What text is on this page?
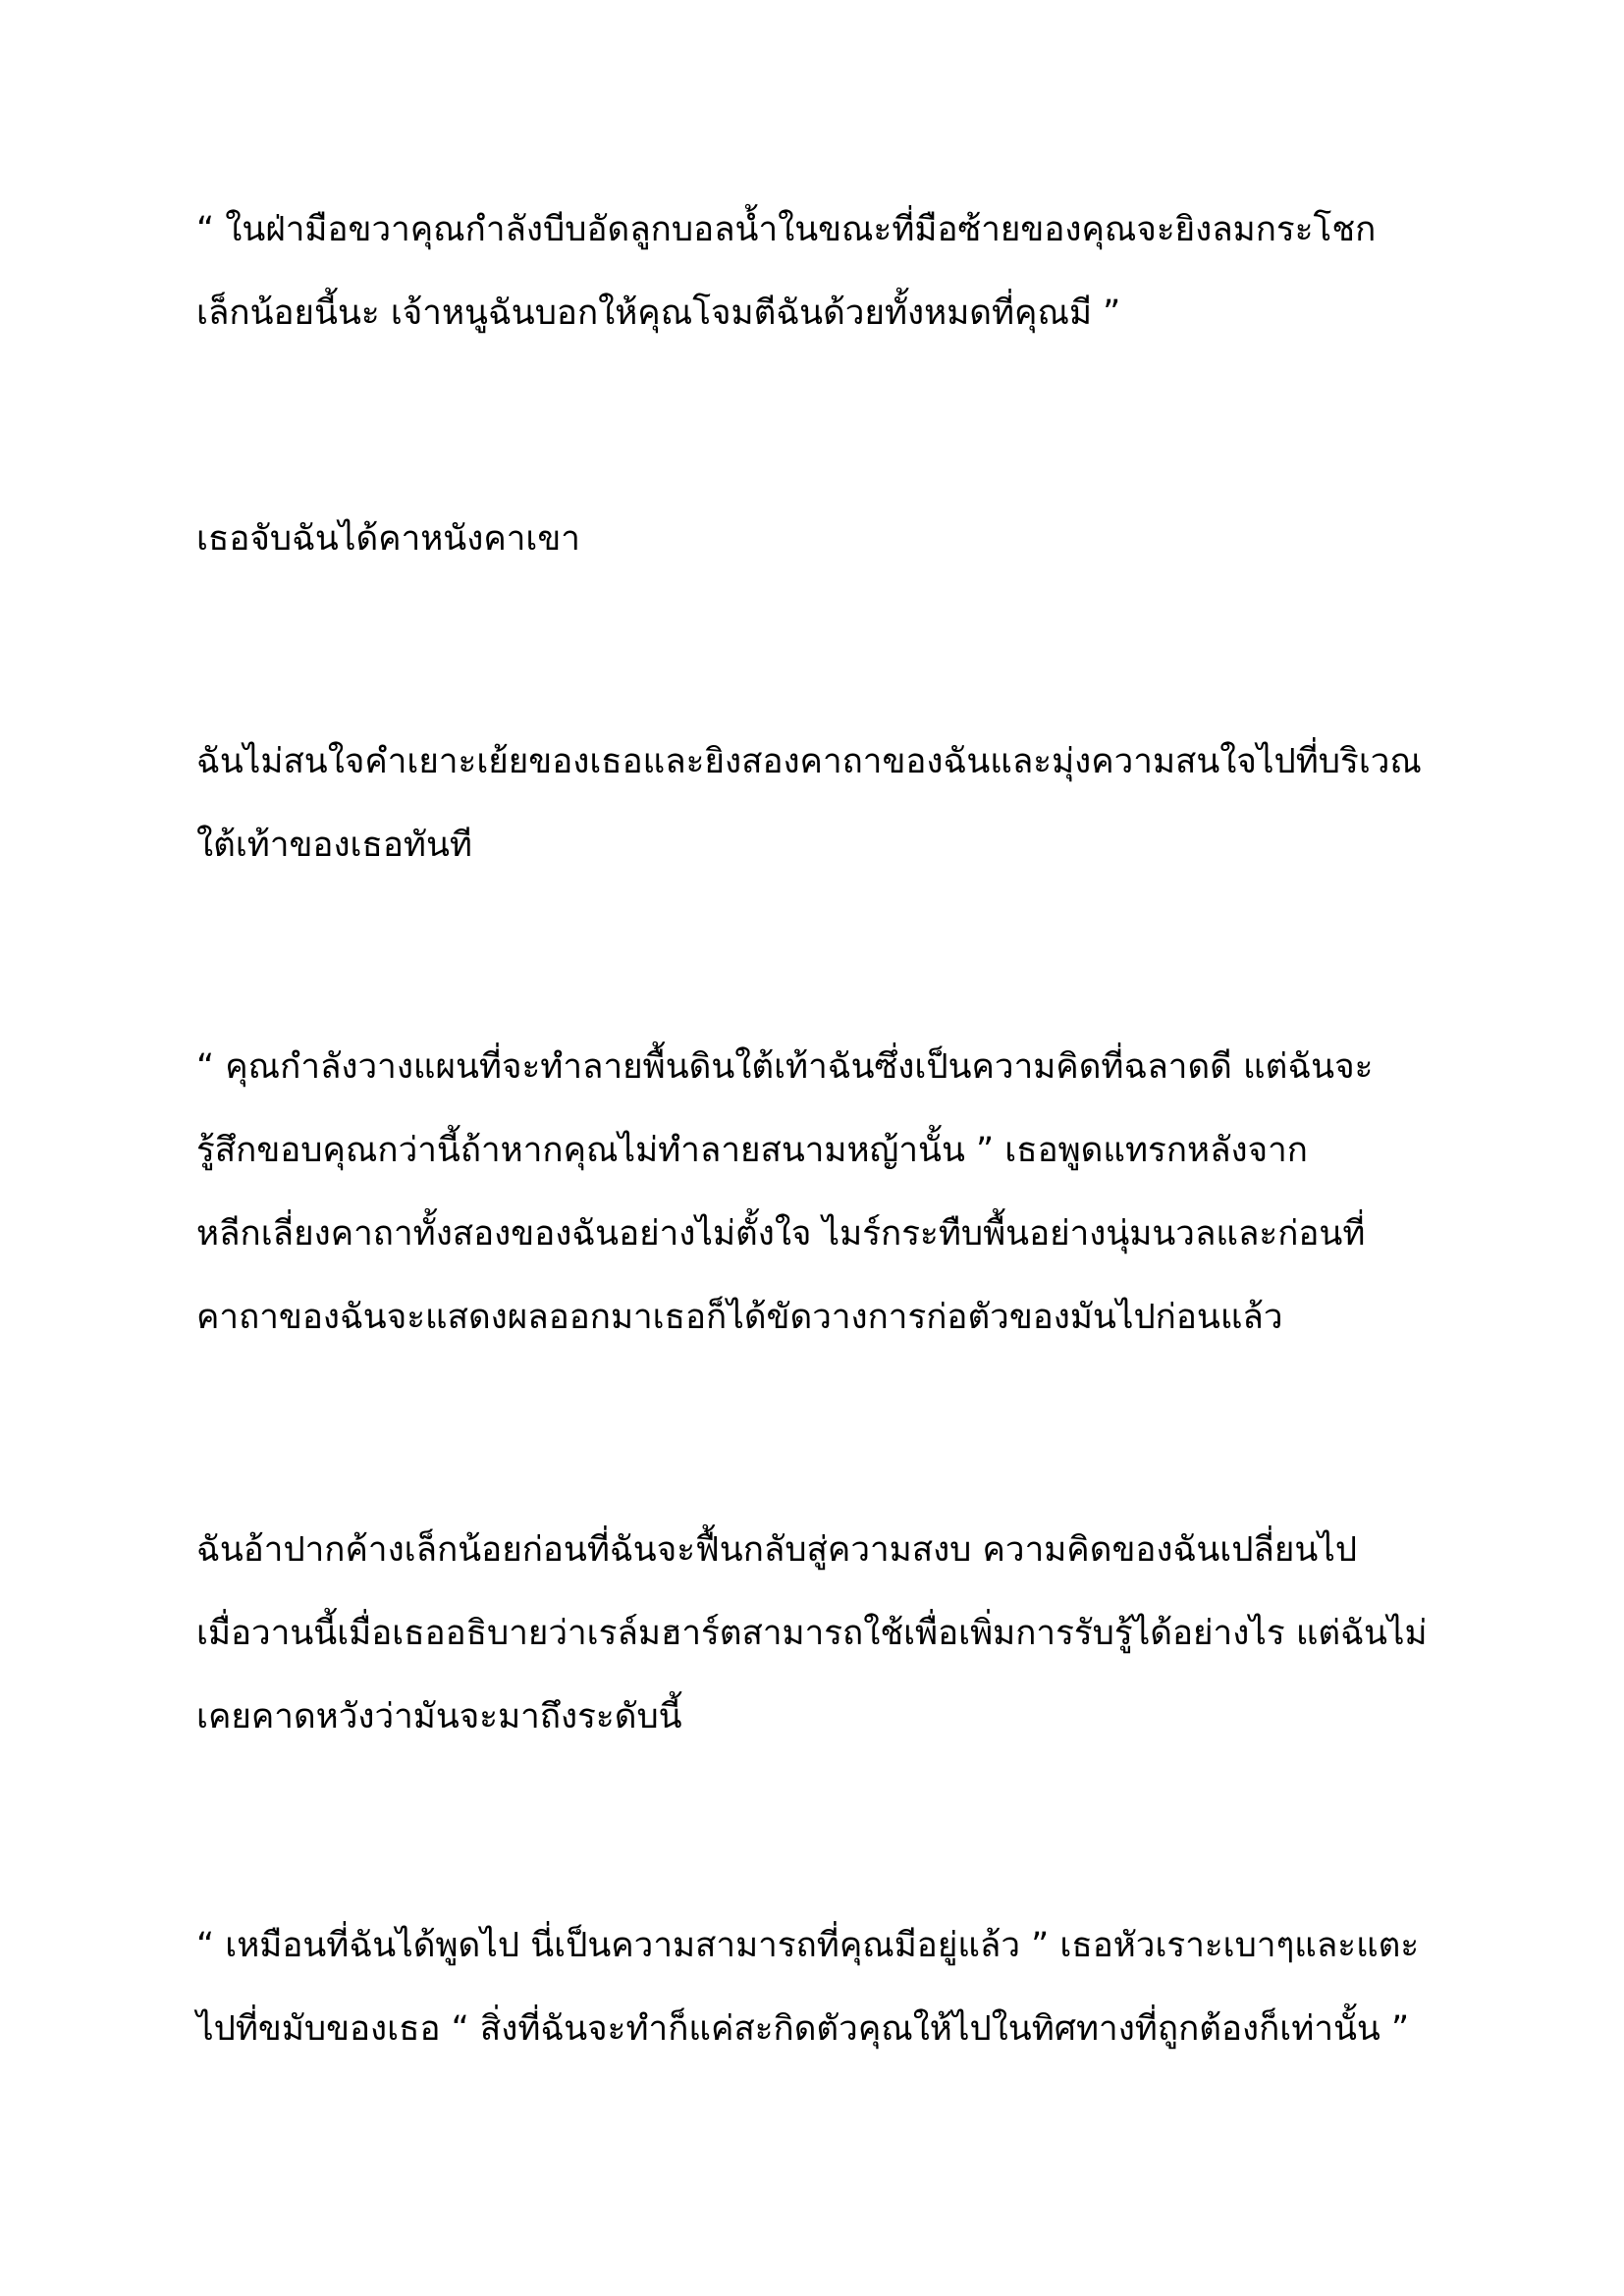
“ ในฝ่ามือขวาคุณกำลังบีบอัดลูกบอลน้ำในขณะที่มือซ้ายของคุณจะยิงลมกระโชก
เล็กน้อยนี้นะ เจ้าหนูฉันบอกให้คุณโจมตีฉันด้วยทั้งหมดที่คุณมี ”
เธอจับฉันได้คาหนังคาเขา
ฉันไม่สนใจคำเยาะเย้ยของเธอและยิงสองคาถาของฉันและมุ่งความสนใจไปที่บริเวณ
ใต้เท้าของเธอทันที
“ คุณกำลังวางแผนที่จะทำลายพื้นดินใต้เท้าฉันซึ่งเป็นความคิดที่ฉลาดดี แต่ฉันจะ
รู้สึกขอบคุณกว่านี้ถ้าหากคุณไม่ทำลายสนามหญ้านั้น ” เธอพูดแทรกหลังจาก
หลีกเลี่ยงคาถาทั้งสองของฉันอย่างไม่ตั้งใจ ไมร์กระทืบพื้นอย่างนุ่มนวลและก่อนที่
คาถาของฉันจะแสดงผลออกมาเธอก็ได้ขัดวางการก่อตัวของมันไปก่อนแล้ว
ฉันอ้าปากค้างเล็กน้อยก่อนที่ฉันจะฟื้นกลับสู่ความสงบ ความคิดของฉันเปลี่ยนไป
เมื่อวานนี้เมื่อเธออธิบายว่าเรล์มฮาร์ตสามารถใช้เพื่อเพิ่มการรับรู้ได้อย่างไร แต่ฉันไม่
เคยคาดหวังว่ามันจะมาถึงระดับนี้
“ เหมือนที่ฉันได้พูดไป นี่เป็นความสามารถที่คุณมีอยู่แล้ว ” เธอหัวเราะเบาๆและแตะ
ไปที่ขมับของเธอ “ สิ่งที่ฉันจะทำก็แค่สะกิดตัวคุณให้ไปในทิศทางที่ถูกต้องก็เท่านั้น ”
